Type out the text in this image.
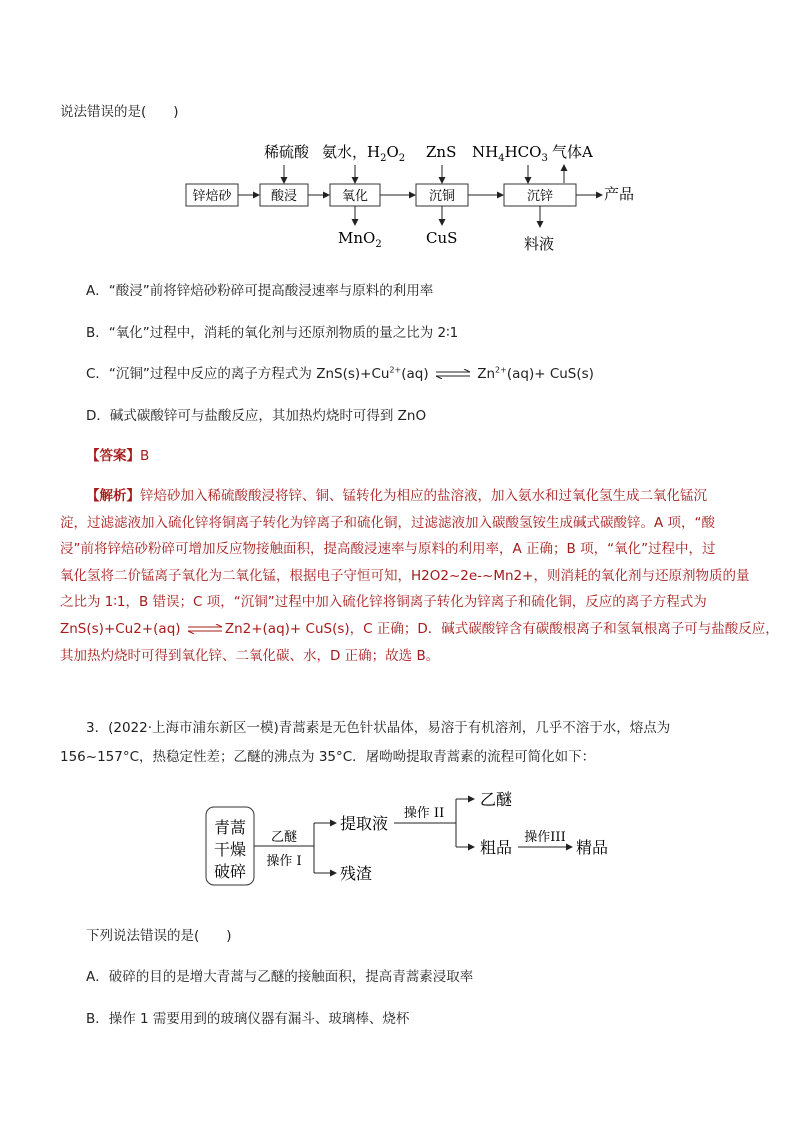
说法错误的是(　　)
锌焙砂	酸浸	氧化	沉铜	沉锌
稀硫酸 氨水，$H_2O_2$ ZnS $NH_4HCO_3$ 气体A
MnO$_2$	CuS	料液
产品
A．“酸浸”前将锌焙砂粉碎可提高酸浸速率与原料的利用率
B．“氧化”过程中，消耗的氧化剂与还原剂物质的量之比为 2∶1
C．“沉铜”过程中反应的离子方程式为 $ZnS(s)+Cu^{2+}(aq)$ ⇌ $Zn^{2+}(aq)+ CuS(s)$
D．碱式碳酸锌可与盐酸反应，其加热灼烧时可得到 ZnO
【答案】B
【解析】锌焙砂加入稀硫酸酸浸将锌、铜、锰转化为相应的盐溶液，加入氨水和过氧化氢生成二氧化锰沉
淀，过滤滤液加入硫化锌将铜离子转化为锌离子和硫化铜，过滤滤液加入碳酸氢铵生成碱式碳酸锌。A 项，“酸
浸”前将锌焙砂粉碎可增加反应物接触面积，提高酸浸速率与原料的利用率，A 正确；B 项，“氧化”过程中，过
氧化氢将二价锰离子氧化为二氧化锰，根据电子守恒可知，H2O2~2e-~Mn2+，则消耗的氧化剂与还原剂物质的量
之比为 1∶1，B 错误；C 项，“沉铜”过程中加入硫化锌将铜离子转化为锌离子和硫化铜，反应的离子方程式为
ZnS(s)+Cu2+(aq) ⇌ Zn2+(aq)+ CuS(s)，C 正确；D．碱式碳酸锌含有碳酸根离子和氢氧根离子可与盐酸反应，
其加热灼烧时可得到氧化锌、二氧化碳、水，D 正确；故选 B。
3．(2022·上海市浦东新区一模)青蒿素是无色针状晶体，易溶于有机溶剂，几乎不溶于水，熔点为
156~157°C，热稳定性差；乙醚的沸点为 35°C．屠呦呦提取青蒿素的流程可简化如下：
青蒿
干燥
破碎
乙醚
操作 I
提取液
残渣
操作 II
乙醚
粗品
操作III
精品
下列说法错误的是(　　)
A．破碎的目的是增大青蒿与乙醚的接触面积，提高青蒿素浸取率
B．操作 1 需要用到的玻璃仪器有漏斗、玻璃棒、烧杯
